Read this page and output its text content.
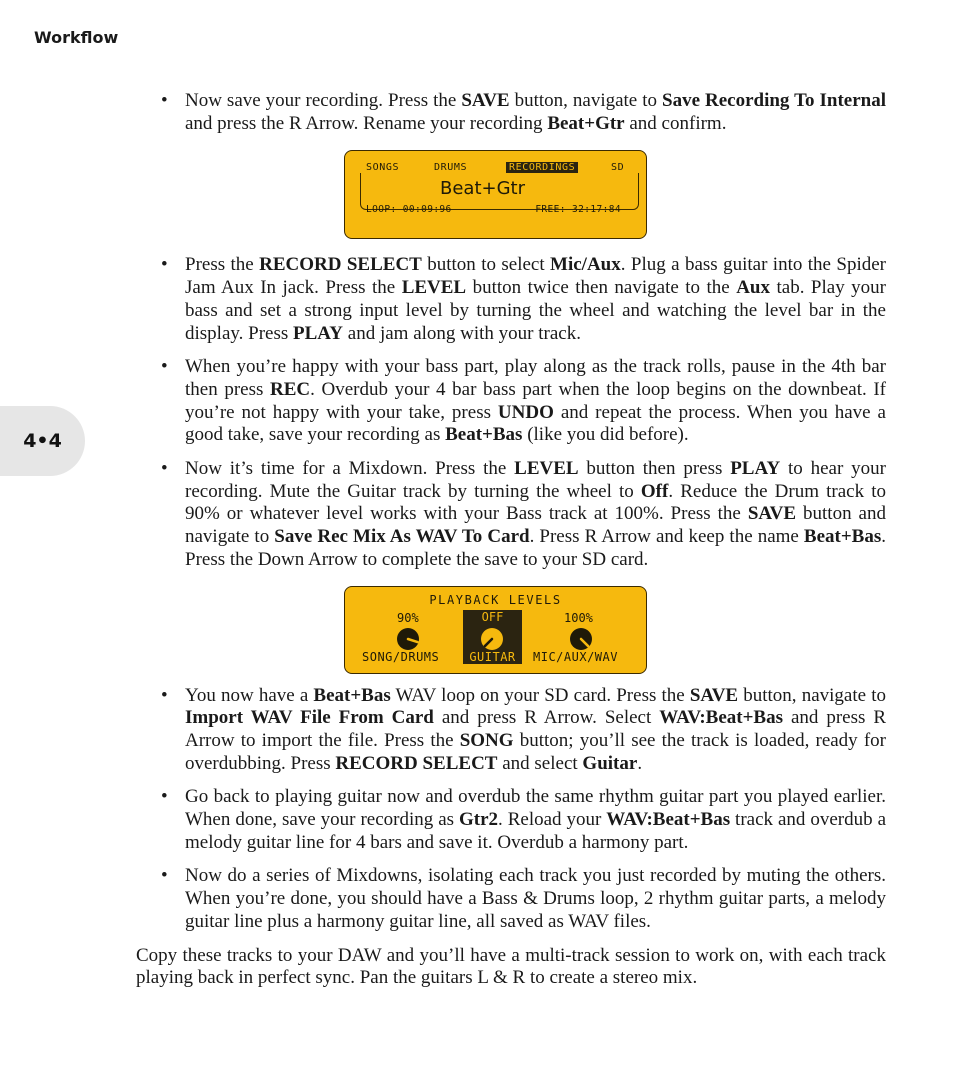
Workflow
4•4
• Now save your recording. Press the SAVE button, navigate to Save Recording To Internal and press the R Arrow. Rename your recording Beat+Gtr and confirm.
SONGS	DRUMS	RECORDINGS	SD
Beat+Gtr
LOOP: 00:09:96	FREE: 32:17:84
• Press the RECORD SELECT button to select Mic/Aux. Plug a bass guitar into the Spider Jam Aux In jack. Press the LEVEL button twice then navigate to the Aux tab. Play your bass and set a strong input level by turning the wheel and watching the level bar in the display. Press PLAY and jam along with your track.
• When you’re happy with your bass part, play along as the track rolls, pause in the 4th bar then press REC. Overdub your 4 bar bass part when the loop begins on the downbeat. If you’re not happy with your take, press UNDO and repeat the process. When you have a good take, save your recording as Beat+Bas (like you did before).
• Now it’s time for a Mixdown. Press the LEVEL button then press PLAY to hear your recording. Mute the Guitar track by turning the wheel to Off. Reduce the Drum track to 90% or whatever level works with your Bass track at 100%. Press the SAVE button and navigate to Save Rec Mix As WAV To Card. Press R Arrow and keep the name Beat+Bas. Press the Down Arrow to complete the save to your SD card.
PLAYBACK LEVELS
90%	OFF	100%
SONG/DRUMS	GUITAR	MIC/AUX/WAV
• You now have a Beat+Bas WAV loop on your SD card. Press the SAVE button, navigate to Import WAV File From Card and press R Arrow. Select WAV:Beat+Bas and press R Arrow to import the file. Press the SONG button; you’ll see the track is loaded, ready for overdubbing. Press RECORD SELECT and select Guitar.
• Go back to playing guitar now and overdub the same rhythm guitar part you played earlier. When done, save your recording as Gtr2. Reload your WAV:Beat+Bas track and overdub a melody guitar line for 4 bars and save it. Overdub a harmony part.
• Now do a series of Mixdowns, isolating each track you just recorded by muting the others. When you’re done, you should have a Bass & Drums loop, 2 rhythm guitar parts, a melody guitar line plus a harmony guitar line, all saved as WAV files.
Copy these tracks to your DAW and you’ll have a multi-track session to work on, with each track playing back in perfect sync. Pan the guitars L & R to create a stereo mix.
